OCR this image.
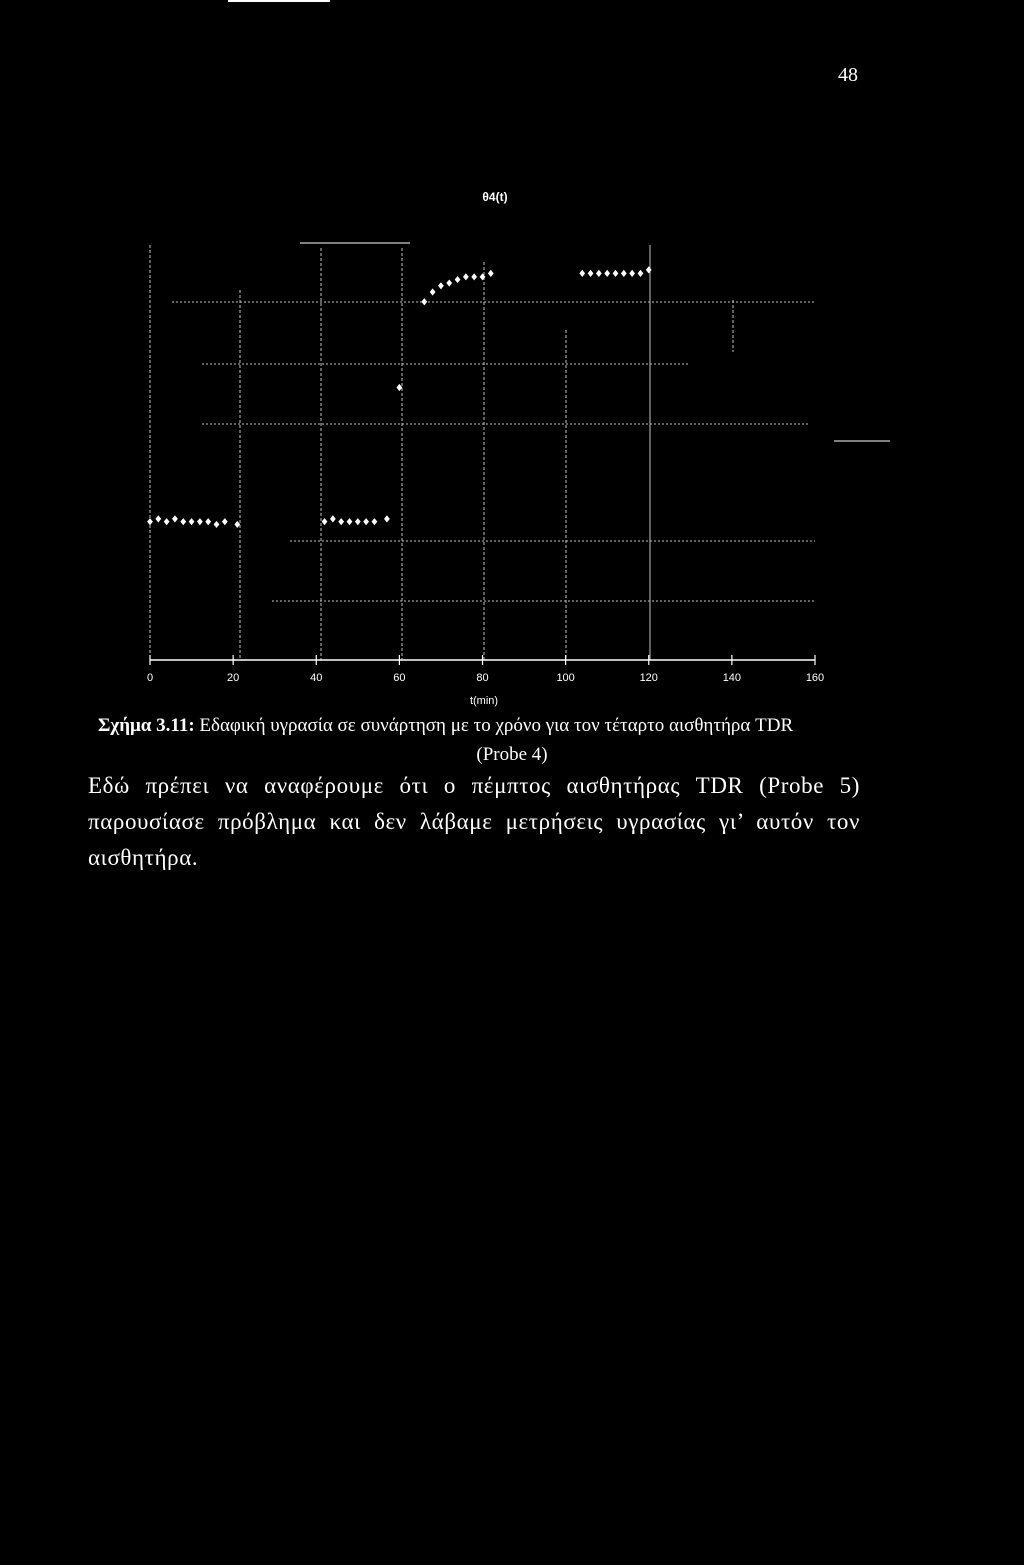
48
0	20	40	60	80	100	120	140	160
θ4(t)
t(min)
Σχήμα 3.11: Εδαφική υγρασία σε συνάρτηση με το χρόνο για τον τέταρτο αισθητήρα TDR
(Probe 4)
Εδώ πρέπει να αναφέρουμε ότι ο πέμπτος αισθητήρας TDR (Probe 5) παρουσίασε πρόβλημα και δεν λάβαμε μετρήσεις υγρασίας γι’ αυτόν τον αισθητήρα.
